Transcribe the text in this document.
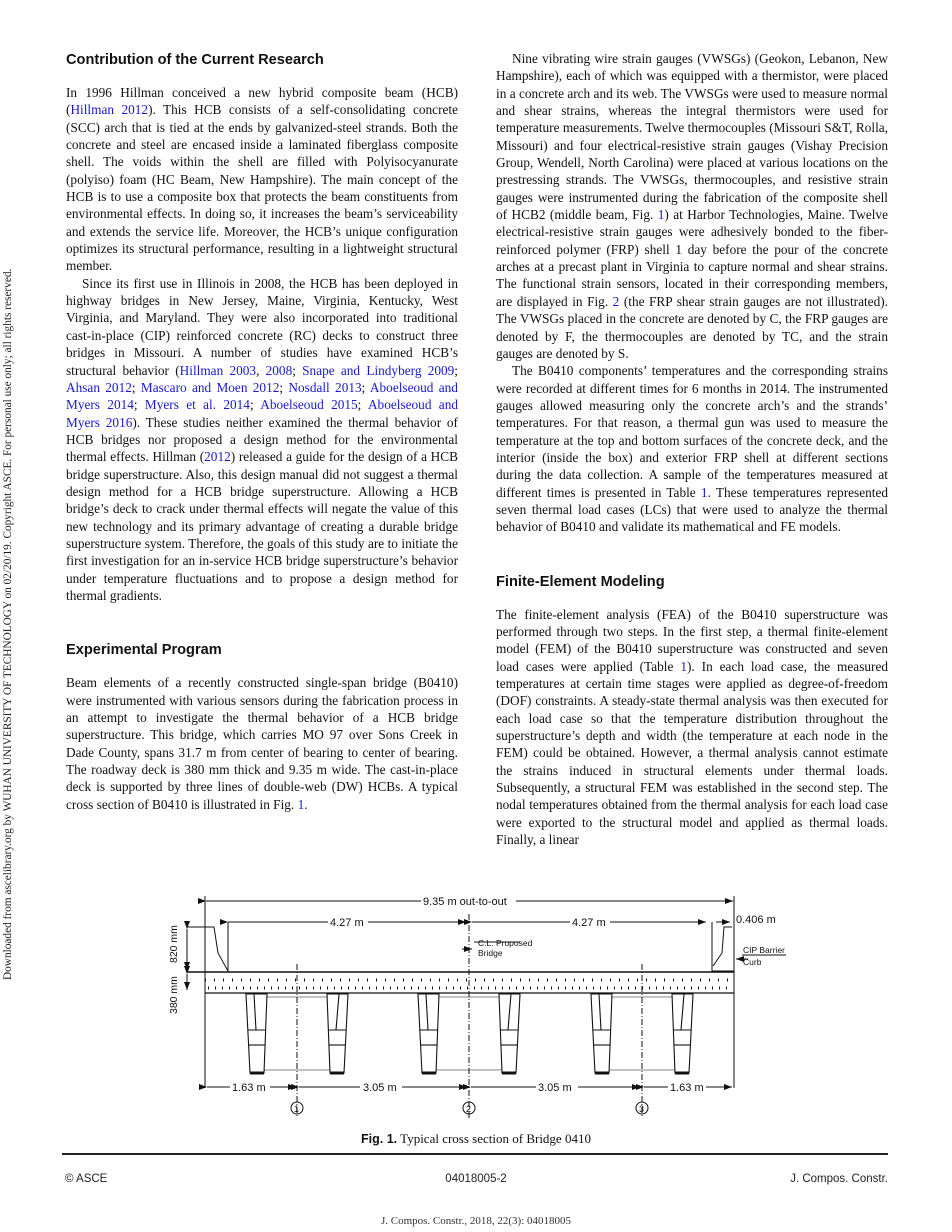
Downloaded from ascelibrary.org by WUHAN UNIVERSITY OF TECHNOLOGY on 02/20/19. Copyright ASCE. For personal use only; all rights reserved.
Contribution of the Current Research

In 1996 Hillman conceived a new hybrid composite beam (HCB) (Hillman 2012). This HCB consists of a self-consolidating concrete (SCC) arch that is tied at the ends by galvanized-steel strands. Both the concrete and steel are encased inside a laminated fiberglass composite shell. The voids within the shell are filled with Polyisocyanurate (polyiso) foam (HC Beam, New Hampshire). The main concept of the HCB is to use a composite box that protects the beam constituents from environmental effects. In doing so, it increases the beam’s serviceability and extends the service life. Moreover, the HCB’s unique configuration optimizes its structural performance, resulting in a lightweight structural member.

Since its first use in Illinois in 2008, the HCB has been deployed in highway bridges in New Jersey, Maine, Virginia, Kentucky, West Virginia, and Maryland. They were also incorporated into traditional cast-in-place (CIP) reinforced concrete (RC) decks to construct three bridges in Missouri. A number of studies have examined HCB’s structural behavior (Hillman 2003, 2008; Snape and Lindyberg 2009; Ahsan 2012; Mascaro and Moen 2012; Nosdall 2013; Aboelseoud and Myers 2014; Myers et al. 2014; Aboelseoud 2015; Aboelseoud and Myers 2016). These studies neither examined the thermal behavior of HCB bridges nor proposed a design method for the environmental thermal effects. Hillman (2012) released a guide for the design of a HCB bridge superstructure. Also, this design manual did not suggest a thermal design method for a HCB bridge superstructure. Allowing a HCB bridge’s deck to crack under thermal effects will negate the value of this new technology and its primary advantage of creating a durable bridge superstructure system. Therefore, the goals of this study are to initiate the first investigation for an in-service HCB bridge superstructure’s behavior under temperature fluctuations and to propose a design method for thermal gradients.

Experimental Program

Beam elements of a recently constructed single-span bridge (B0410) were instrumented with various sensors during the fabrication process in an attempt to investigate the thermal behavior of a HCB bridge superstructure. This bridge, which carries MO 97 over Sons Creek in Dade County, spans 31.7 m from center of bearing to center of bearing. The roadway deck is 380 mm thick and 9.35 m wide. The cast-in-place deck is supported by three lines of double-web (DW) HCBs. A typical cross section of B0410 is illustrated in Fig. 1.

Nine vibrating wire strain gauges (VWSGs) (Geokon, Lebanon, New Hampshire), each of which was equipped with a thermistor, were placed in a concrete arch and its web. The VWSGs were used to measure normal and shear strains, whereas the integral thermistors were used for temperature measurements. Twelve thermocouples (Missouri S&T, Rolla, Missouri) and four electrical-resistive strain gauges (Vishay Precision Group, Wendell, North Carolina) were placed at various locations on the prestressing strands. The VWSGs, thermocouples, and resistive strain gauges were instrumented during the fabrication of the composite shell of HCB2 (middle beam, Fig. 1) at Harbor Technologies, Maine. Twelve electrical-resistive strain gauges were adhesively bonded to the fiber-reinforced polymer (FRP) shell 1 day before the pour of the concrete arches at a precast plant in Virginia to capture normal and shear strains. The functional strain sensors, located in their corresponding members, are displayed in Fig. 2 (the FRP shear strain gauges are not illustrated). The VWSGs placed in the concrete are denoted by C, the FRP gauges are denoted by F, the thermocouples are denoted by TC, and the strain gauges are denoted by S.

The B0410 components’ temperatures and the corresponding strains were recorded at different times for 6 months in 2014. The instrumented gauges allowed measuring only the concrete arch’s and the strands’ temperatures. For that reason, a thermal gun was used to measure the temperature at the top and bottom surfaces of the concrete deck, and the interior (inside the box) and exterior FRP shell at different sections during the data collection. A sample of the temperatures measured at different times is presented in Table 1. These temperatures represented seven thermal load cases (LCs) that were used to analyze the thermal behavior of B0410 and validate its mathematical and FE models.

Finite-Element Modeling

The finite-element analysis (FEA) of the B0410 superstructure was performed through two steps. In the first step, a thermal finite-element model (FEM) of the B0410 superstructure was constructed and seven load cases were applied (Table 1). In each load case, the measured temperatures at certain time stages were applied as degree-of-freedom (DOF) constraints. A steady-state thermal analysis was then executed for each load case so that the temperature distribution throughout the superstructure’s depth and width (the temperature at each node in the FEM) could be obtained. However, a thermal analysis cannot estimate the strains induced in structural elements under thermal loads. Subsequently, a structural FEM was established in the second step. The nodal temperatures obtained from the thermal analysis for each load case were exported to the structural model and applied as thermal loads. Finally, a linear

9.35 m out-to-out
4.27 m	4.27 m	0.406 m
C.L. Proposed
Bridge	CIP Barrier
Curb
820 mm
380 mm
1.63 m	3.05 m	3.05 m	1.63 m
1	2	3
Fig. 1. Typical cross section of Bridge 0410
© ASCE	04018005-2	J. Compos. Constr.
J. Compos. Constr., 2018, 22(3): 04018005
